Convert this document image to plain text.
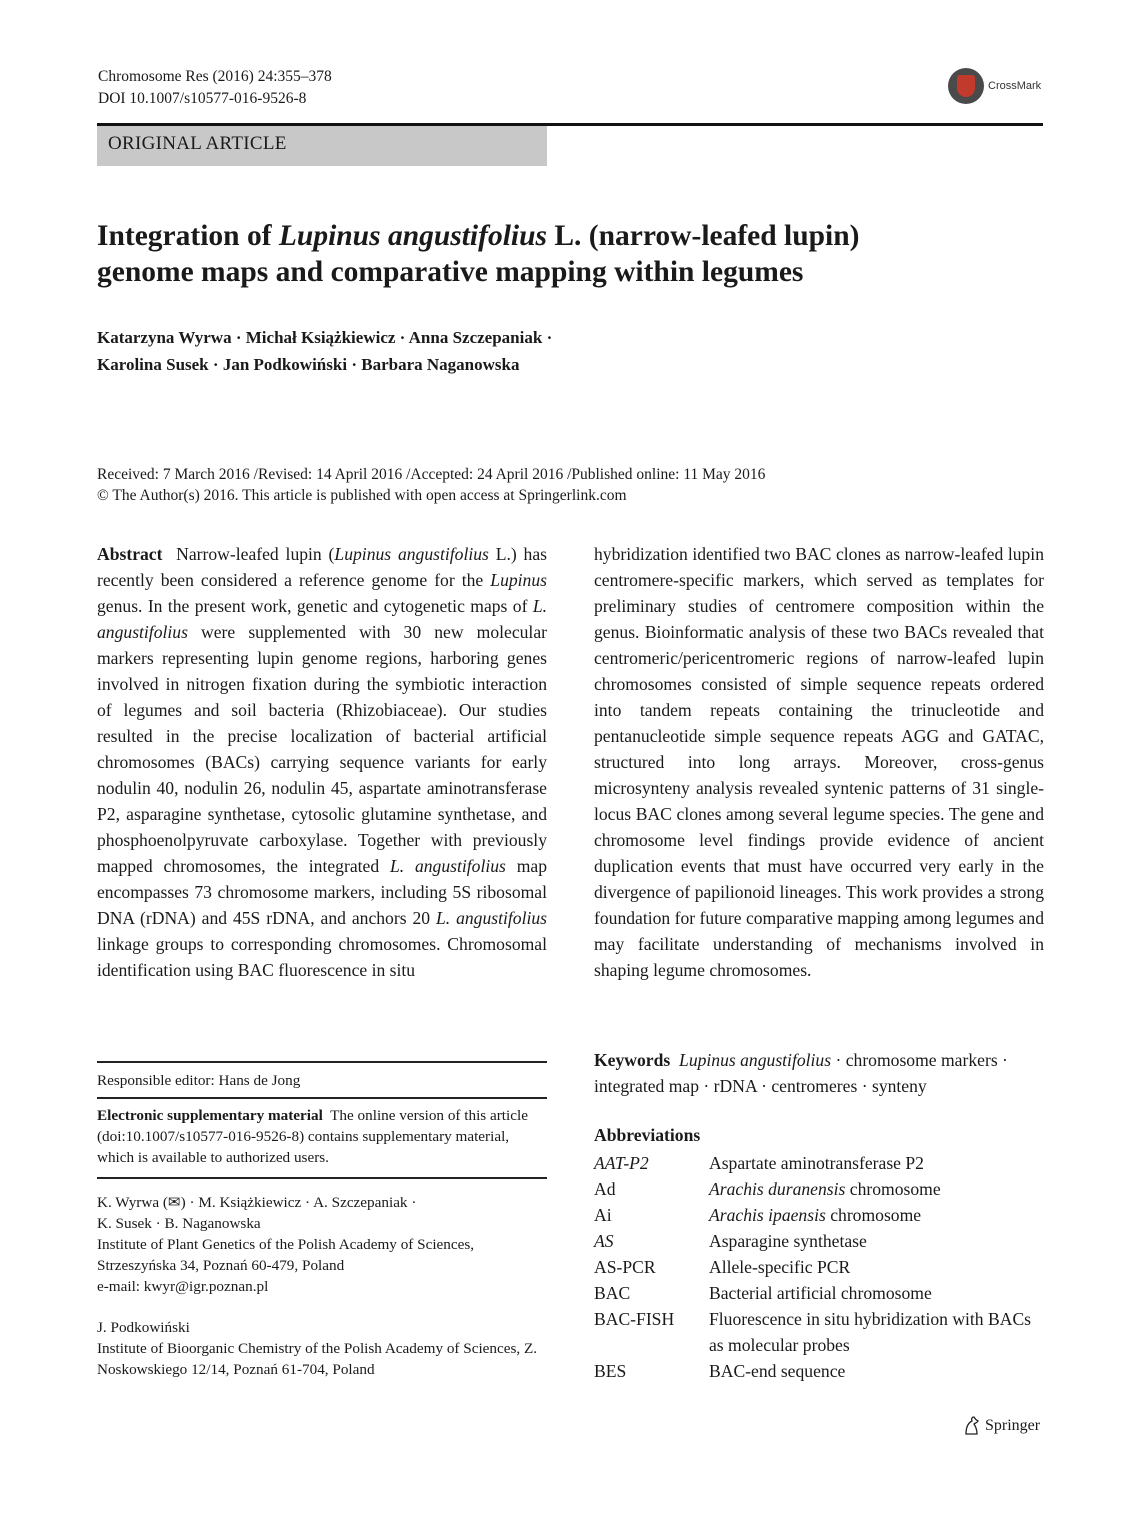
Chromosome Res (2016) 24:355–378
DOI 10.1007/s10577-016-9526-8
CrossMark
ORIGINAL ARTICLE
Integration of Lupinus angustifolius L. (narrow-leafed lupin)
genome maps and comparative mapping within legumes
Katarzyna Wyrwa · Michał Książkiewicz · Anna Szczepaniak ·
Karolina Susek · Jan Podkowiński · Barbara Naganowska
Received: 7 March 2016 /Revised: 14 April 2016 /Accepted: 24 April 2016 /Published online: 11 May 2016
© The Author(s) 2016. This article is published with open access at Springerlink.com
Abstract Narrow-leafed lupin (Lupinus angustifolius L.) has recently been considered a reference genome for the Lupinus genus. In the present work, genetic and cytogenetic maps of L. angustifolius were supplemented with 30 new molecular markers representing lupin genome regions, harboring genes involved in nitrogen fixation during the symbiotic interaction of legumes and soil bacteria (Rhizobiaceae). Our studies resulted in the precise localization of bacterial artificial chromosomes (BACs) carrying sequence variants for early nodulin 40, nodulin 26, nodulin 45, aspartate aminotransferase P2, asparagine synthetase, cytosolic glutamine synthetase, and phosphoenolpyruvate carboxylase. Together with previously mapped chromosomes, the integrated L. angustifolius map encompasses 73 chromosome markers, including 5S ribosomal DNA (rDNA) and 45S rDNA, and anchors 20 L. angustifolius linkage groups to corresponding chromosomes. Chromosomal identification using BAC fluorescence in situ
hybridization identified two BAC clones as narrow-leafed lupin centromere-specific markers, which served as templates for preliminary studies of centromere composition within the genus. Bioinformatic analysis of these two BACs revealed that centromeric/pericentromeric regions of narrow-leafed lupin chromosomes consisted of simple sequence repeats ordered into tandem repeats containing the trinucleotide and pentanucleotide simple sequence repeats AGG and GATAC, structured into long arrays. Moreover, cross-genus microsynteny analysis revealed syntenic patterns of 31 single-locus BAC clones among several legume species. The gene and chromosome level findings provide evidence of ancient duplication events that must have occurred very early in the divergence of papilionoid lineages. This work provides a strong foundation for future comparative mapping among legumes and may facilitate understanding of mechanisms involved in shaping legume chromosomes.
Responsible editor: Hans de Jong
Electronic supplementary material The online version of this article (doi:10.1007/s10577-016-9526-8) contains supplementary material, which is available to authorized users.
K. Wyrwa (✉) · M. Książkiewicz · A. Szczepaniak ·
K. Susek · B. Naganowska
Institute of Plant Genetics of the Polish Academy of Sciences, Strzeszyńska 34, Poznań 60-479, Poland
e-mail: kwyr@igr.poznan.pl
J. Podkowiński
Institute of Bioorganic Chemistry of the Polish Academy of Sciences, Z. Noskowskiego 12/14, Poznań 61-704, Poland
Keywords Lupinus angustifolius · chromosome markers · integrated map · rDNA · centromeres · synteny
Abbreviations
AAT-P2	Aspartate aminotransferase P2
Ad	Arachis duranensis chromosome
Ai	Arachis ipaensis chromosome
AS	Asparagine synthetase
AS-PCR	Allele-specific PCR
BAC	Bacterial artificial chromosome
BAC-FISH	Fluorescence in situ hybridization with BACs as molecular probes
BES	BAC-end sequence
Springer
